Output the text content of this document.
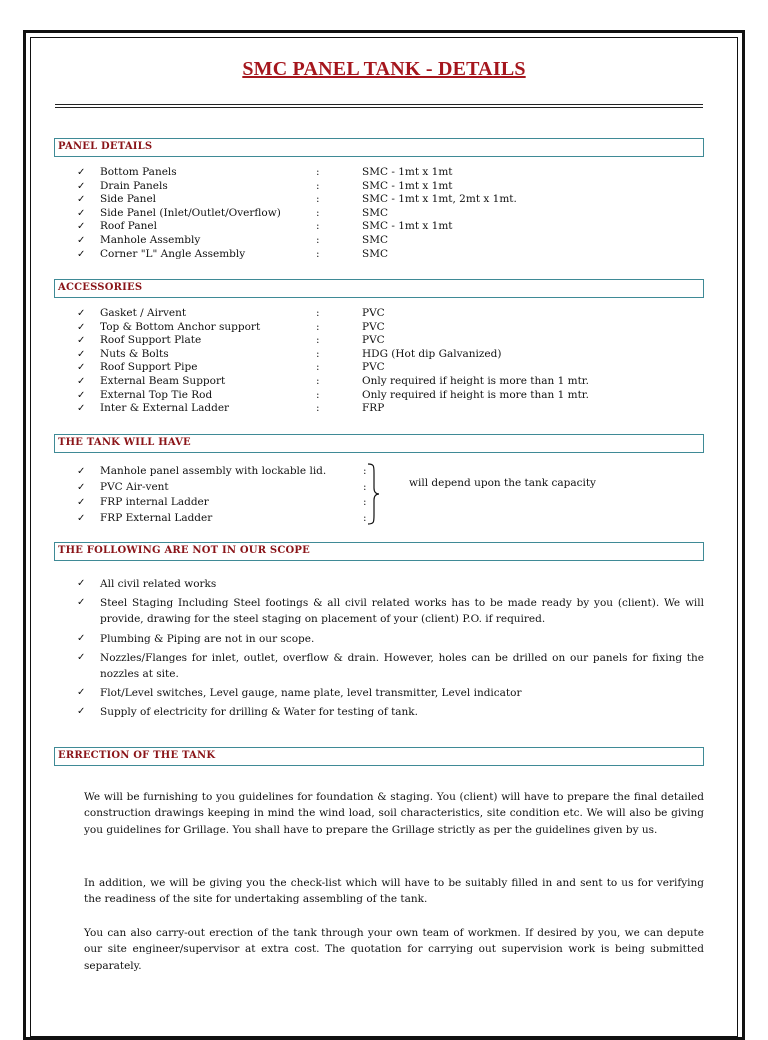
SMC PANEL TANK - DETAILS
PANEL DETAILS
✓ Bottom Panels	:	SMC - 1mt x 1mt
✓ Drain Panels	:	SMC - 1mt x 1mt
✓ Side Panel	:	SMC - 1mt x 1mt, 2mt x 1mt.
✓ Side Panel (Inlet/Outlet/Overflow)	:	SMC
✓ Roof Panel	:	SMC - 1mt x 1mt
✓ Manhole Assembly	:	SMC
✓ Corner "L" Angle Assembly	:	SMC
ACCESSORIES
✓ Gasket / Airvent	:	PVC
✓ Top & Bottom Anchor support	:	PVC
✓ Roof Support Plate	:	PVC
✓ Nuts & Bolts	:	HDG (Hot dip Galvanized)
✓ Roof Support Pipe	:	PVC
✓ External Beam Support	:	Only required if height is more than 1 mtr.
✓ External Top Tie Rod	:	Only required if height is more than 1 mtr.
✓ Inter & External Ladder	:	FRP
THE TANK WILL HAVE
✓ Manhole panel assembly with lockable lid.	:
✓ PVC Air-vent	:
✓ FRP internal Ladder	:
✓ FRP External Ladder	:
will depend upon the tank capacity
THE FOLLOWING ARE NOT IN OUR SCOPE
✓ All civil related works
✓ Steel Staging Including Steel footings & all civil related works has to be made ready by you (client). We will provide, drawing for the steel staging on placement of your (client) P.O. if required.
✓ Plumbing & Piping are not in our scope.
✓ Nozzles/Flanges for inlet, outlet, overflow & drain. However, holes can be drilled on our panels for fixing the nozzles at site.
✓ Flot/Level switches, Level gauge, name plate, level transmitter, Level indicator
✓ Supply of electricity for drilling & Water for testing of tank.
ERRECTION OF THE TANK

We will be furnishing to you guidelines for foundation & staging. You (client) will have to prepare the final detailed construction drawings keeping in mind the wind load, soil characteristics, site condition etc. We will also be giving you guidelines for Grillage. You shall have to prepare the Grillage strictly as per the guidelines given by us.

In addition, we will be giving you the check-list which will have to be suitably filled in and sent to us for verifying the readiness of the site for undertaking assembling of the tank.

You can also carry-out erection of the tank through your own team of workmen. If desired by you, we can depute our site engineer/supervisor at extra cost. The quotation for carrying out supervision work is being submitted separately.
